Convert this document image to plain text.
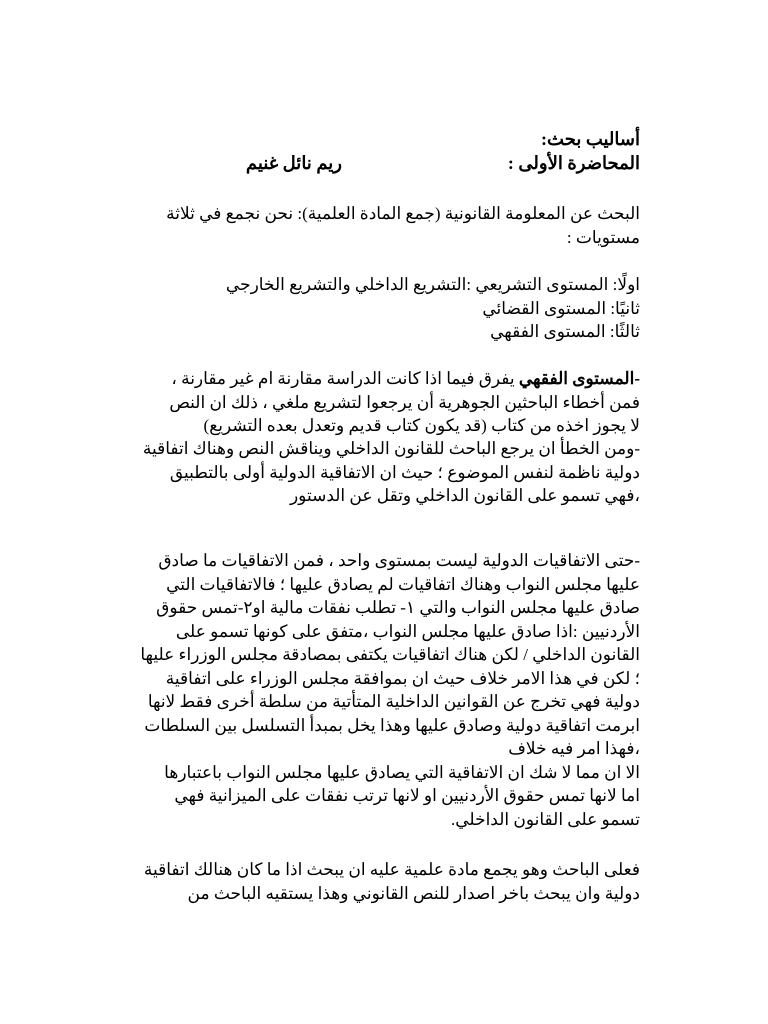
أساليب بحث:
المحاضرة الأولى :
ريم نائل غنيم
البحث عن المعلومة القانونية (جمع المادة العلمية): نحن نجمع في ثلاثة
مستويات :
اولًا: المستوى التشريعي :التشريع الداخلي والتشريع الخارجي
ثانيًا: المستوى القضائي
ثالثًا: المستوى الفقهي
-المستوى الفقهي يفرق فيما اذا كانت الدراسة مقارنة ام غير مقارنة ،
فمن أخطاء الباحثين الجوهرية أن يرجعوا لتشريع ملغي ، ذلك ان النص
لا يجوز اخذه من كتاب (قد يكون كتاب قديم وتعدل بعده التشريع)
-ومن الخطأ ان يرجع الباحث للقانون الداخلي ويناقش النص وهناك اتفاقية
دولية ناظمة لنفس الموضوع ؛ حيث ان الاتفاقية الدولية أولى بالتطبيق
،فهي تسمو على القانون الداخلي وتقل عن الدستور
-حتى الاتفاقيات الدولية ليست بمستوى واحد ، فمن الاتفاقيات ما صادق
عليها مجلس النواب وهناك اتفاقيات لم يصادق عليها ؛ فالاتفاقيات التي
صادق عليها مجلس النواب والتي ١- تطلب نفقات مالية او٢-تمس حقوق
الأردنيين :اذا صادق عليها مجلس النواب ،متفق على كونها تسمو على
القانون الداخلي / لكن هناك اتفاقيات يكتفى بمصادقة مجلس الوزراء عليها
؛ لكن في هذا الامر خلاف حيث ان بموافقة مجلس الوزراء على اتفاقية
دولية فهي تخرج عن القوانين الداخلية المتأتية من سلطة أخرى فقط لانها
ابرمت اتفاقية دولية وصادق عليها وهذا يخل بمبدأ التسلسل بين السلطات
،فهذا امر فيه خلاف
الا ان مما لا شك ان الاتفاقية التي يصادق عليها مجلس النواب باعتبارها
اما لانها تمس حقوق الأردنيين او لانها ترتب نفقات على الميزانية فهي
تسمو على القانون الداخلي.
فعلى الباحث وهو يجمع مادة علمية عليه ان يبحث اذا ما كان هنالك اتفاقية
دولية وان يبحث باخر اصدار للنص القانوني وهذا يستقيه الباحث من
